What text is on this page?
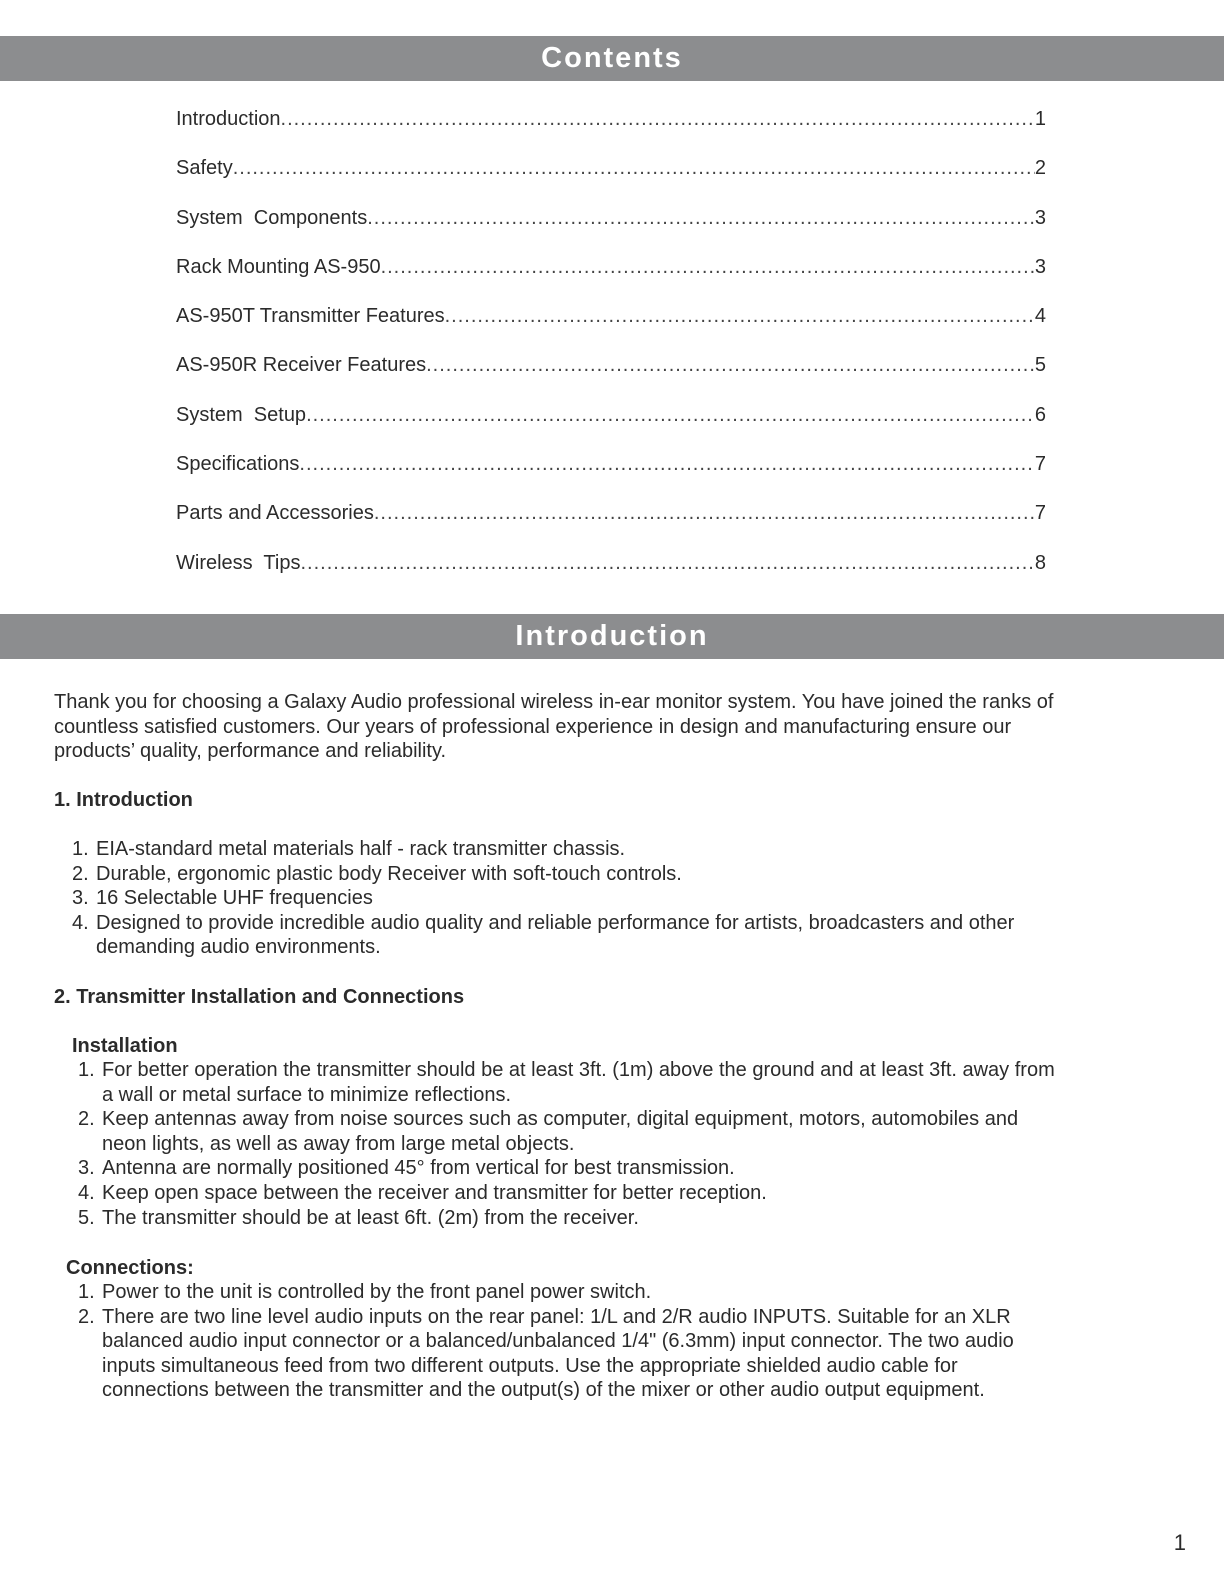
Contents
Introduction .....	1
Safety .....	2
System  Components .....	3
Rack Mounting AS-950 .....	3
AS-950T Transmitter Features .....	4
AS-950R Receiver Features .....	5
System  Setup .....	6
Specifications .....	7
Parts and Accessories .....	7
Wireless  Tips .....	8
Introduction
Thank you for choosing a Galaxy Audio professional wireless in-ear monitor system. You have joined the ranks of
countless satisfied customers. Our years of professional experience in design and manufacturing ensure our
products’ quality, performance and reliability.
1. Introduction
1. EIA-standard metal materials half - rack transmitter chassis.
2. Durable, ergonomic plastic body Receiver with soft-touch controls.
3. 16 Selectable UHF frequencies
4. Designed to provide incredible audio quality and reliable performance for artists, broadcasters and other
demanding audio environments.
2. Transmitter Installation and Connections
Installation
1. For better operation the transmitter should be at least 3ft. (1m) above the ground and at least 3ft. away from
a wall or metal surface to minimize reflections.
2. Keep antennas away from noise sources such as computer, digital equipment, motors, automobiles and
neon lights, as well as away from large metal objects.
3. Antenna are normally positioned 45° from vertical for best transmission.
4. Keep open space between the receiver and transmitter for better reception.
5. The transmitter should be at least 6ft. (2m) from the receiver.
Connections:
1. Power to the unit is controlled by the front panel power switch.
2. There are two line level audio inputs on the rear panel: 1/L and 2/R audio INPUTS. Suitable for an XLR
balanced audio input connector or a balanced/unbalanced 1/4" (6.3mm) input connector. The two audio
inputs simultaneous feed from two different outputs. Use the appropriate shielded audio cable for
connections between the transmitter and the output(s) of the mixer or other audio output equipment.
1
